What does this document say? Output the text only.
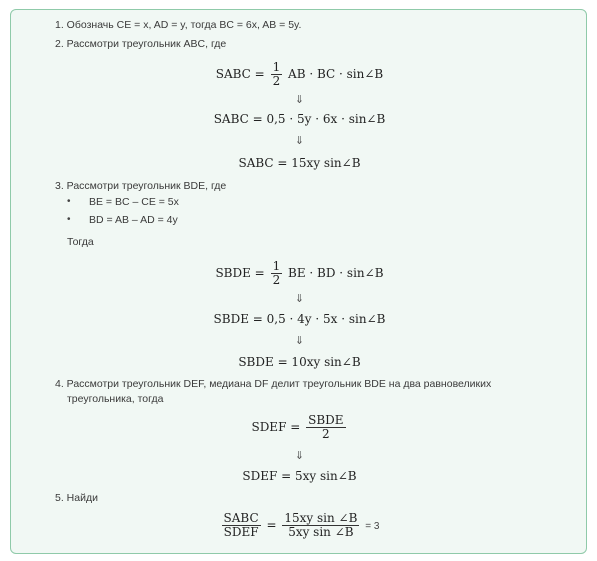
1. Обозначь CE = x, AD = y, тогда BC = 6x, AB = 5y.
2. Рассмотри треугольник ABC, где
SABC = $\frac{1}{2}$ AB · BC · sin∠B
⇓
SABC = 0,5 · 5y · 6x · sin∠B
⇓
SABC = 15xy sin∠B
3. Рассмотри треугольник BDE, где
• BE = BC – CE = 5x
• BD = AB – AD = 4y
Тогда
SBDE = $\frac{1}{2}$ BE · BD · sin∠B
⇓
SBDE = 0,5 · 4y · 5x · sin∠B
⇓
SBDE = 10xy sin∠B
4. Рассмотри треугольник DEF, медиана DF делит треугольник BDE на два равновеликих
треугольника, тогда
SDEF = $\frac{\text{SBDE}}{2}$
⇓
SDEF = 5xy sin∠B
5. Найди
$\frac{\text{SABC}}{\text{SDEF}} = \frac{\text{15xy sin ∠B}}{\text{5xy sin ∠B}} = 3$
